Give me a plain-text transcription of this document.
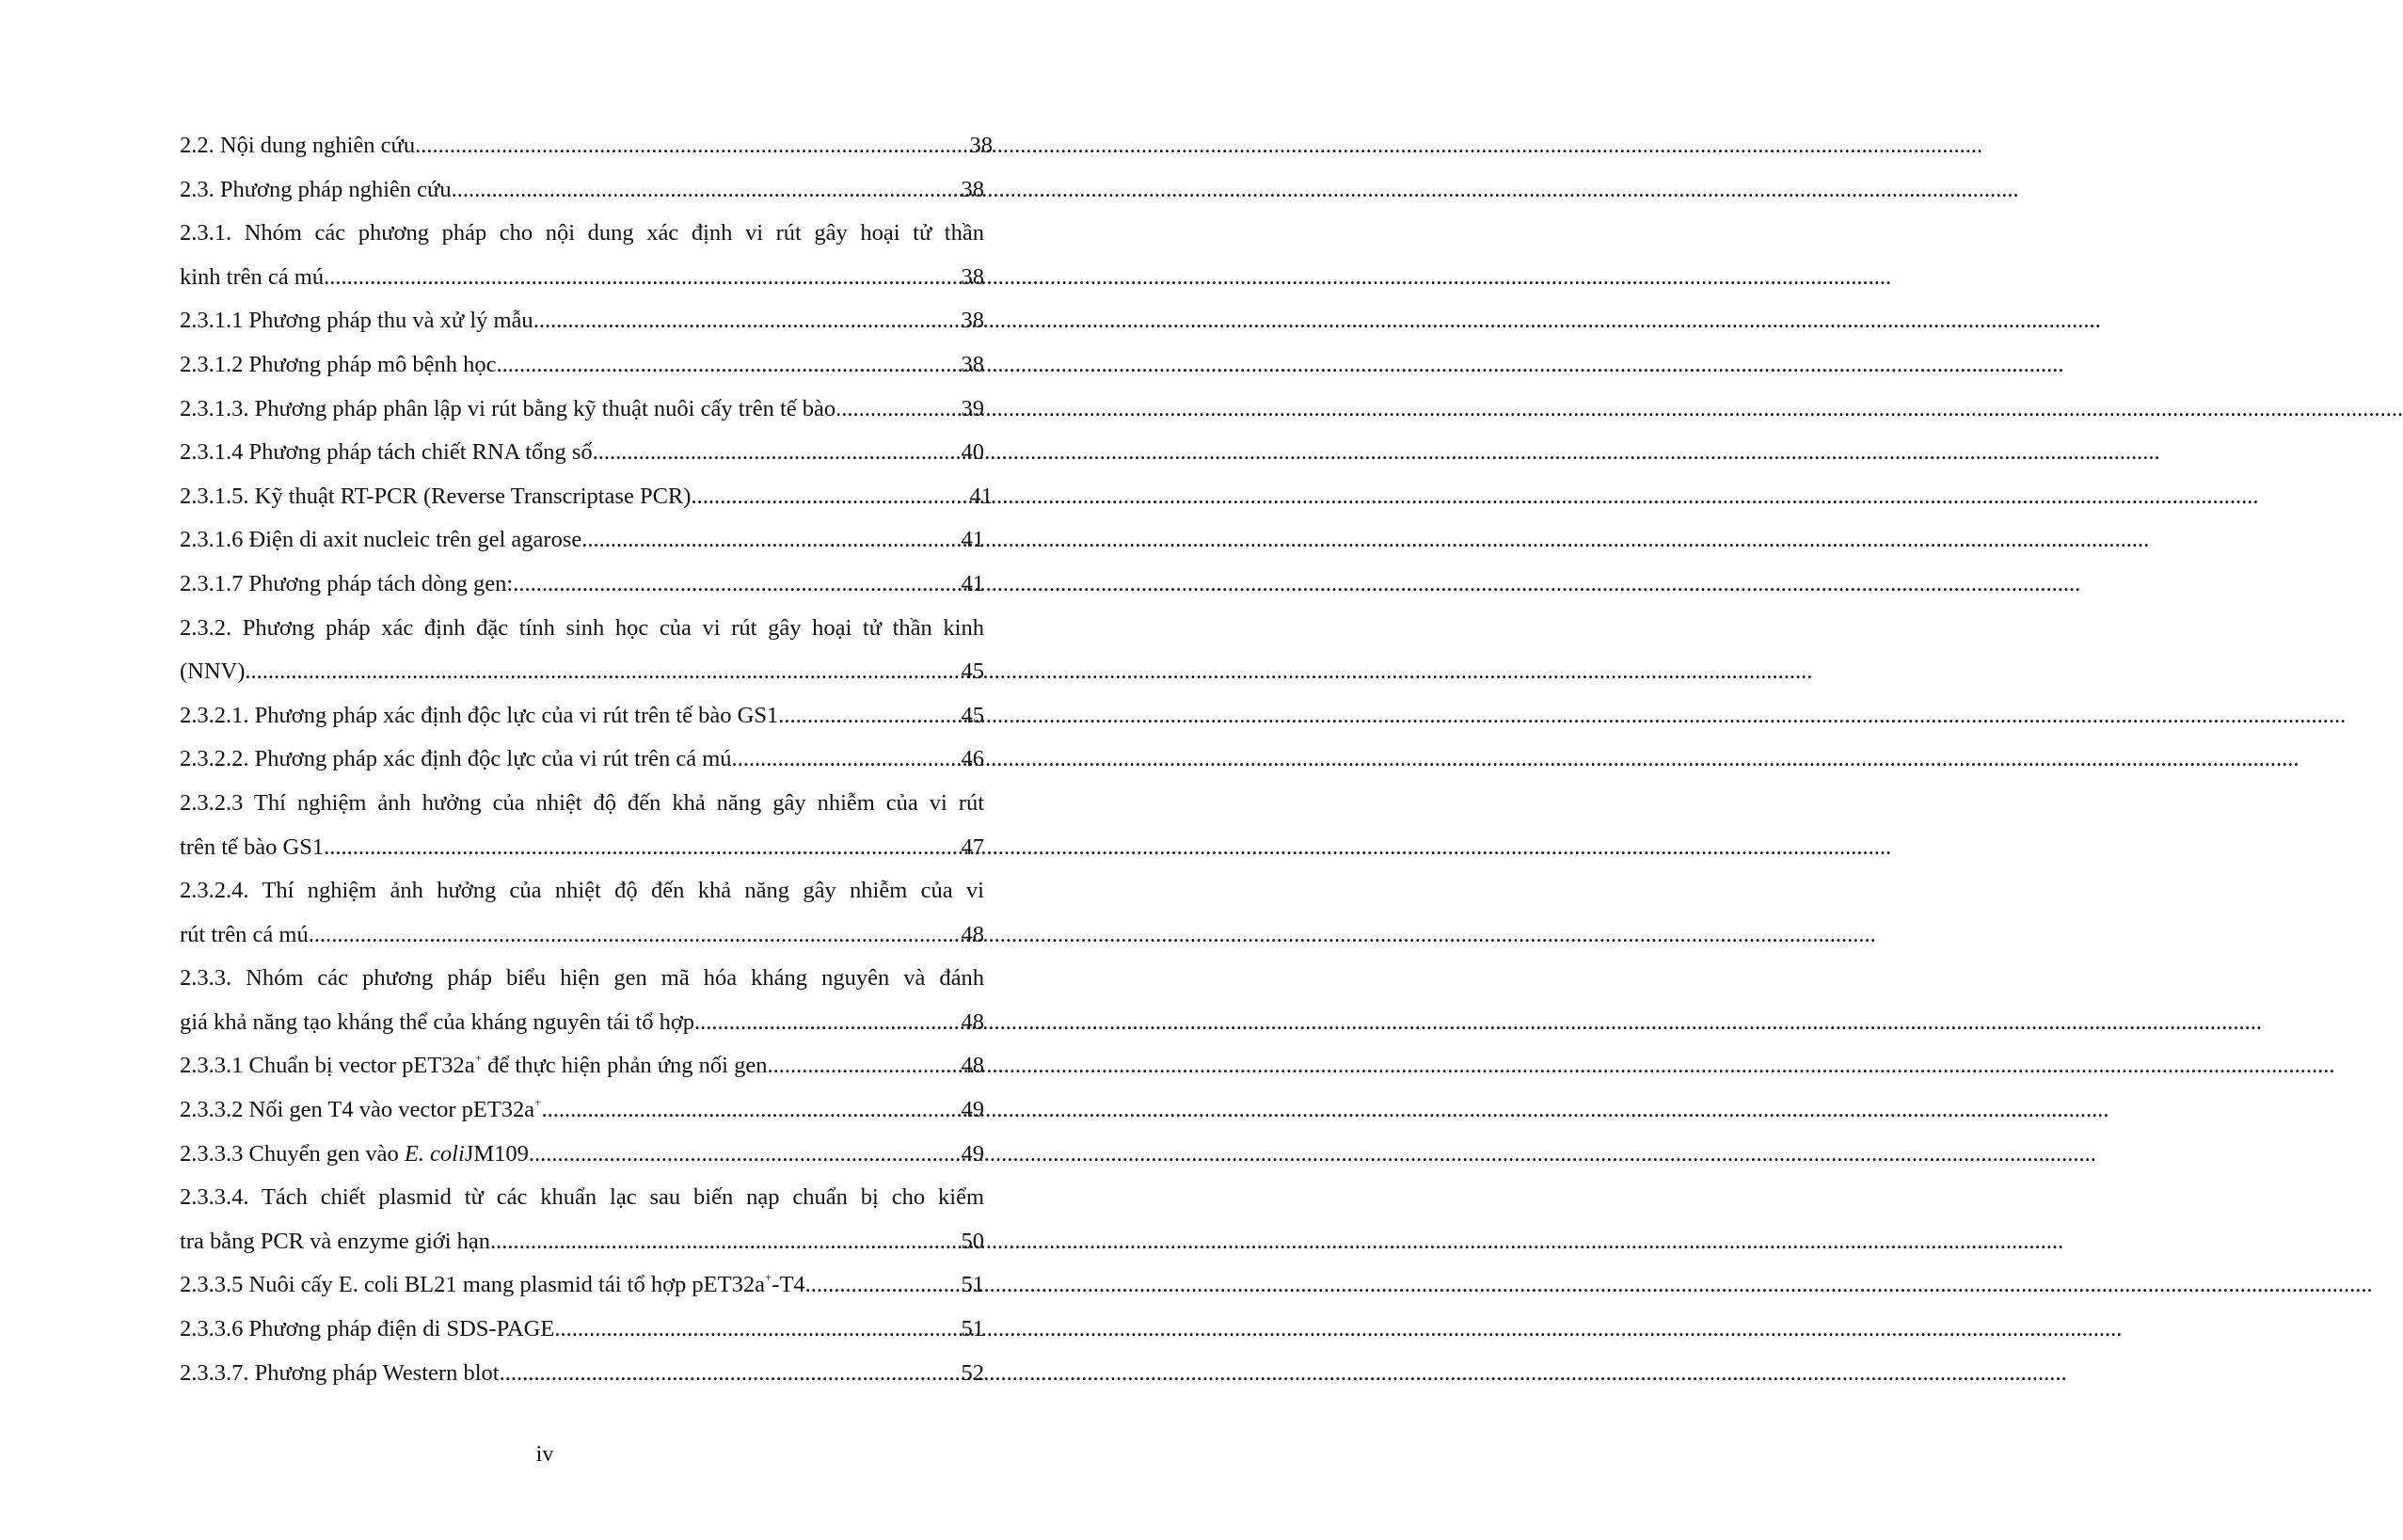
2.2. Nội dung nghiên cứu .....	38
2.3. Phương pháp nghiên cứu .....	38
2.3.1. Nhóm các phương pháp cho nội dung xác định vi rút gây hoại tử thần
kinh trên cá mú .....	38
2.3.1.1 Phương pháp thu và xử lý mẫu .....	38
2.3.1.2 Phương pháp mô bệnh học .....	38
2.3.1.3. Phương pháp phân lập vi rút bằng kỹ thuật nuôi cấy trên tế bào .....	39
2.3.1.4 Phương pháp tách chiết RNA tổng số .....	40
2.3.1.5. Kỹ thuật RT-PCR (Reverse Transcriptase PCR) .....	41
2.3.1.6 Điện di axit nucleic trên gel agarose .....	41
2.3.1.7 Phương pháp tách dòng gen: .....	41
2.3.2. Phương pháp xác định đặc tính sinh học của vi rút gây hoại tử thần kinh
(NNV) .....	45
2.3.2.1. Phương pháp xác định độc lực của vi rút trên tế bào GS1 .....	45
2.3.2.2. Phương pháp xác định độc lực của vi rút trên cá mú .....	46
2.3.2.3 Thí nghiệm ảnh hưởng của nhiệt độ đến khả năng gây nhiễm của vi rút
trên tế bào GS1 .....	47
2.3.2.4. Thí nghiệm ảnh hưởng của nhiệt độ đến khả năng gây nhiễm của vi
rút trên cá mú .....	48
2.3.3. Nhóm các phương pháp biểu hiện gen mã hóa kháng nguyên và đánh
giá khả năng tạo kháng thể của kháng nguyên tái tổ hợp .....	48
2.3.3.1 Chuẩn bị vector pET32a+ để thực hiện phản ứng nối gen .....	48
2.3.3.2 Nối gen T4 vào vector pET32a+ .....	49
2.3.3.3 Chuyển gen vào E. coliJM109 .....	49
2.3.3.4. Tách chiết plasmid từ các khuẩn lạc sau biến nạp chuẩn bị cho kiểm
tra bằng PCR và enzyme giới hạn. .....	50
2.3.3.5 Nuôi cấy E. coli BL21 mang plasmid tái tổ hợp pET32a+-T4 .....	51
2.3.3.6 Phương pháp điện di SDS-PAGE .....	51
2.3.3.7. Phương pháp Western blot .....	52
iv
